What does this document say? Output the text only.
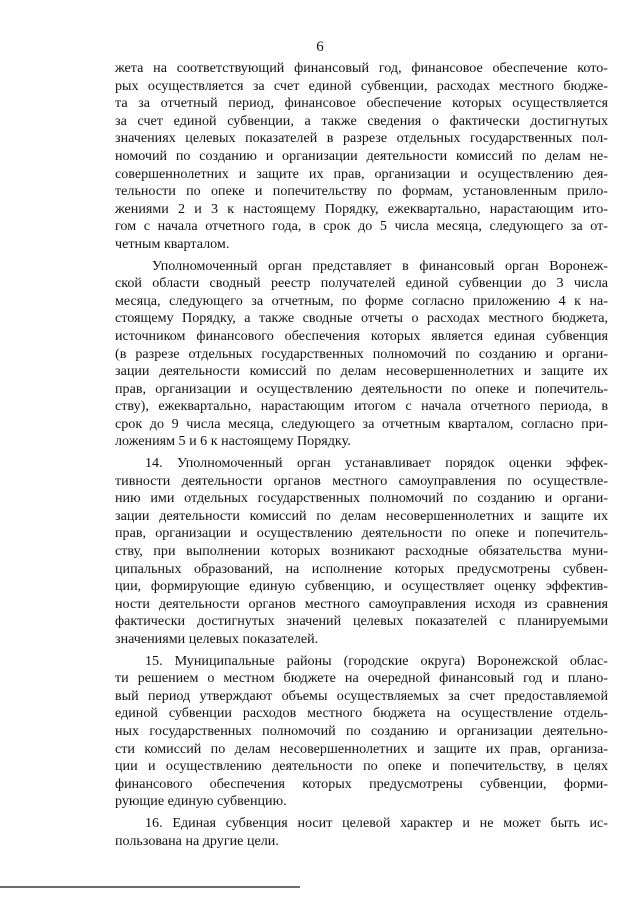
6
жета на соответствующий финансовый год, финансовое обеспечение кото-
рых осуществляется за счет единой субвенции, расходах местного бюдже-
та за отчетный период, финансовое обеспечение которых осуществляется
за счет единой субвенции, а также сведения о фактически достигнутых
значениях целевых показателей в разрезе отдельных государственных пол-
номочий по созданию и организации деятельности комиссий по делам не-
совершеннолетних и защите их прав, организации и осуществлению дея-
тельности по опеке и попечительству по формам, установленным прило-
жениями 2 и 3 к настоящему Порядку, ежеквартально, нарастающим ито-
гом с начала отчетного года, в срок до 5 числа месяца, следующего за от-
четным кварталом.
Уполномоченный орган представляет в финансовый орган Воронеж-
ской области сводный реестр получателей единой субвенции до 3 числа
месяца, следующего за отчетным, по форме согласно приложению 4 к на-
стоящему Порядку, а также сводные отчеты о расходах местного бюджета,
источником финансового обеспечения которых является единая субвенция
(в разрезе отдельных государственных полномочий по созданию и органи-
зации деятельности комиссий по делам несовершеннолетних и защите их
прав, организации и осуществлению деятельности по опеке и попечитель-
ству), ежеквартально, нарастающим итогом с начала отчетного периода, в
срок до 9 числа месяца, следующего за отчетным кварталом, согласно при-
ложениям 5 и 6 к настоящему Порядку.
14. Уполномоченный орган устанавливает порядок оценки эффек-
тивности деятельности органов местного самоуправления по осуществле-
нию ими отдельных государственных полномочий по созданию и органи-
зации деятельности комиссий по делам несовершеннолетних и защите их
прав, организации и осуществлению деятельности по опеке и попечитель-
ству, при выполнении которых возникают расходные обязательства муни-
ципальных образований, на исполнение которых предусмотрены субвен-
ции, формирующие единую субвенцию, и осуществляет оценку эффектив-
ности деятельности органов местного самоуправления исходя из сравнения
фактически достигнутых значений целевых показателей с планируемыми
значениями целевых показателей.
15. Муниципальные районы (городские округа) Воронежской облас-
ти решением о местном бюджете на очередной финансовый год и плано-
вый период утверждают объемы осуществляемых за счет предоставляемой
единой субвенции расходов местного бюджета на осуществление отдель-
ных государственных полномочий по созданию и организации деятельно-
сти комиссий по делам несовершеннолетних и защите их прав, организа-
ции и осуществлению деятельности по опеке и попечительству, в целях
финансового обеспечения которых предусмотрены субвенции, форми-
рующие единую субвенцию.
16. Единая субвенция носит целевой характер и не может быть ис-
пользована на другие цели.
